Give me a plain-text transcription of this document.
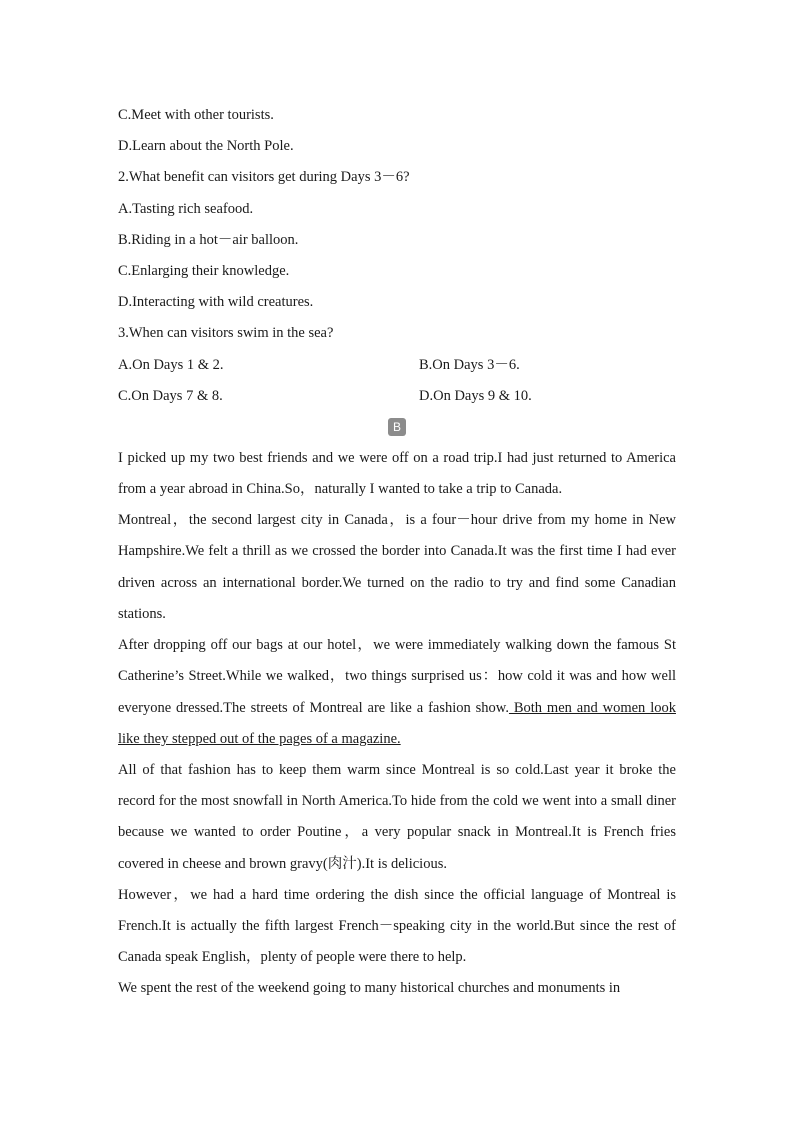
C.Meet with other tourists.
D.Learn about the North Pole.
2.What benefit can visitors get during Days 3－6?
A.Tasting rich seafood.
B.Riding in a hot－air balloon.
C.Enlarging their knowledge.
D.Interacting with wild creatures.
3.When can visitors swim in the sea?
A.On Days 1 & 2.	B.On Days 3－6.
C.On Days 7 & 8.	D.On Days 9 & 10.
B
I picked up my two best friends and we were off on a road trip.I had just returned to America from a year abroad in China.So，naturally I wanted to take a trip to Canada.
Montreal，the second largest city in Canada，is a four－hour drive from my home in New Hampshire.We felt a thrill as we crossed the border into Canada.It was the first time I had ever driven across an international border.We turned on the radio to try and find some Canadian stations.
After dropping off our bags at our hotel，we were immediately walking down the famous St Catherine’s Street.While we walked，two things surprised us：how cold it was and how well everyone dressed.The streets of Montreal are like a fashion show. Both men and women look like they stepped out of the pages of a magazine.
All of that fashion has to keep them warm since Montreal is so cold.Last year it broke the record for the most snowfall in North America.To hide from the cold we went into a small diner because we wanted to order Poutine，a very popular snack in Montreal.It is French fries covered in cheese and brown gravy(肉汁).It is delicious.
However，we had a hard time ordering the dish since the official language of Montreal is French.It is actually the fifth largest French－speaking city in the world.But since the rest of Canada speak English，plenty of people were there to help.
We spent the rest of the weekend going to many historical churches and monuments in
